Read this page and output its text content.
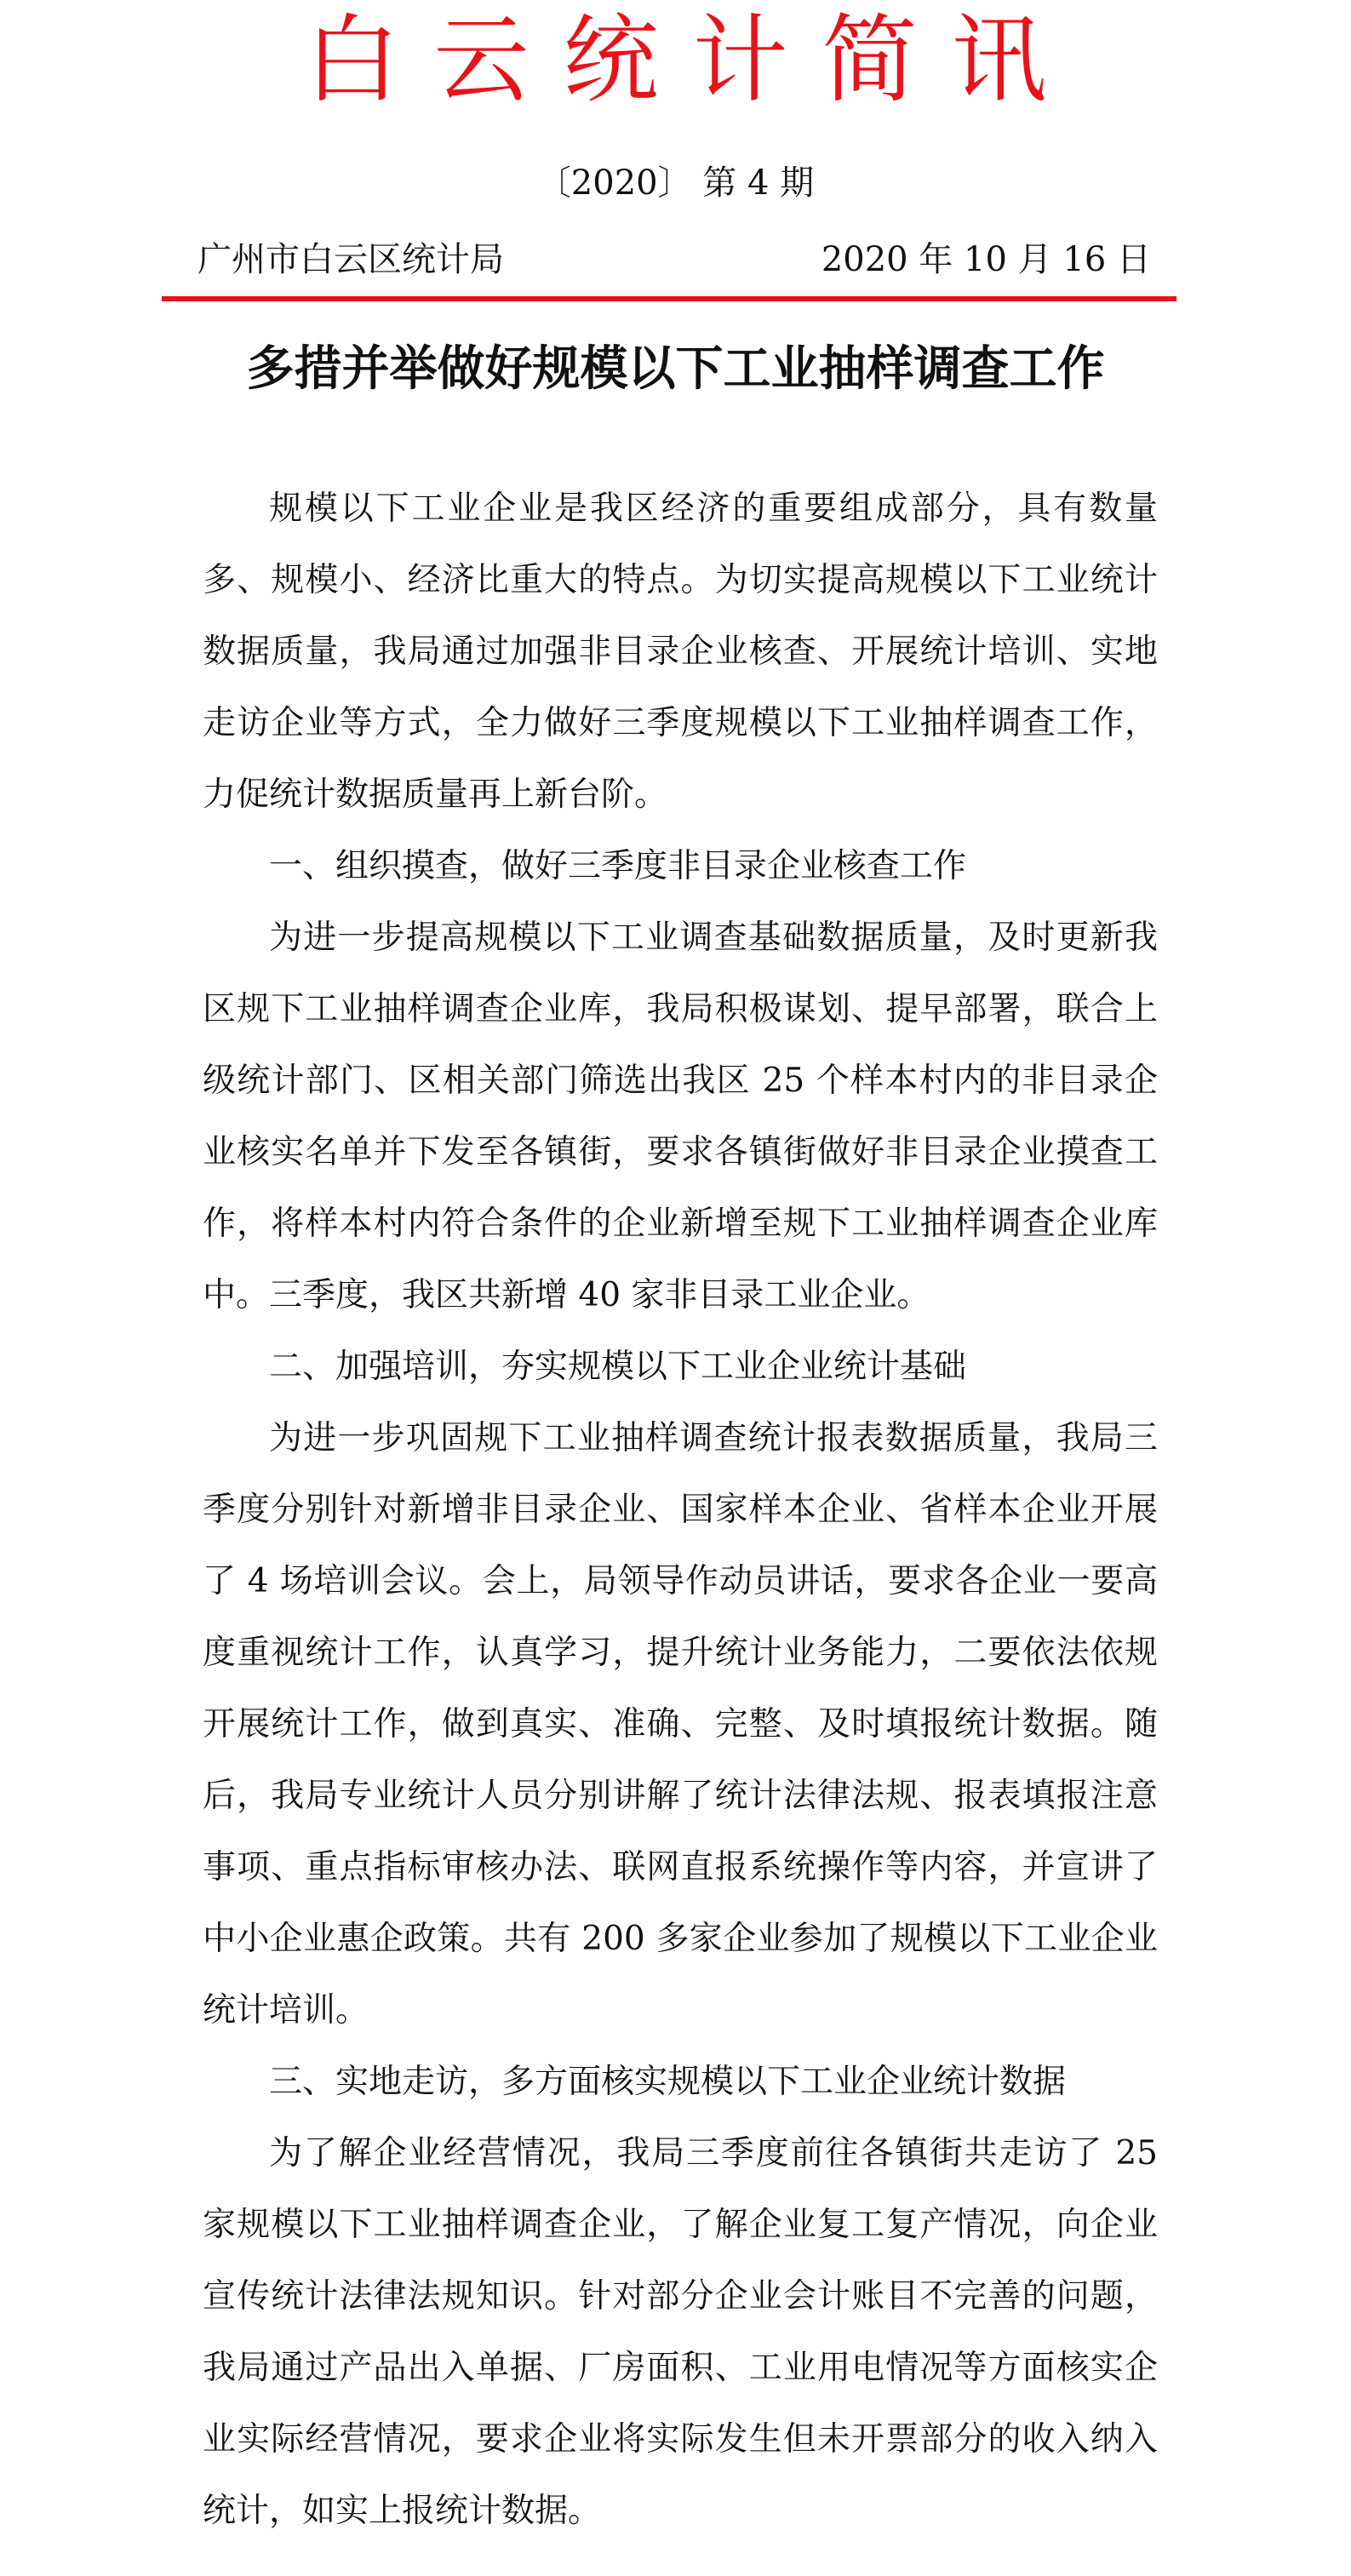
白云统计简讯
〔2020〕 第 4 期
广州市白云区统计局	2020 年 10 月 16 日
多措并举做好规模以下工业抽样调查工作

规模以下工业企业是我区经济的重要组成部分，具有数量多、规模小、经济比重大的特点。为切实提高规模以下工业统计数据质量，我局通过加强非目录企业核查、开展统计培训、实地走访企业等方式，全力做好三季度规模以下工业抽样调查工作，力促统计数据质量再上新台阶。

一、组织摸查，做好三季度非目录企业核查工作

为进一步提高规模以下工业调查基础数据质量，及时更新我区规下工业抽样调查企业库，我局积极谋划、提早部署，联合上级统计部门、区相关部门筛选出我区 25 个样本村内的非目录企业核实名单并下发至各镇街，要求各镇街做好非目录企业摸查工作，将样本村内符合条件的企业新增至规下工业抽样调查企业库中。三季度，我区共新增 40 家非目录工业企业。

二、加强培训，夯实规模以下工业企业统计基础

为进一步巩固规下工业抽样调查统计报表数据质量，我局三季度分别针对新增非目录企业、国家样本企业、省样本企业开展了 4 场培训会议。会上，局领导作动员讲话，要求各企业一要高度重视统计工作，认真学习，提升统计业务能力，二要依法依规开展统计工作，做到真实、准确、完整、及时填报统计数据。随后，我局专业统计人员分别讲解了统计法律法规、报表填报注意事项、重点指标审核办法、联网直报系统操作等内容，并宣讲了中小企业惠企政策。共有 200 多家企业参加了规模以下工业企业统计培训。

三、实地走访，多方面核实规模以下工业企业统计数据

为了解企业经营情况，我局三季度前往各镇街共走访了 25 家规模以下工业抽样调查企业，了解企业复工复产情况，向企业宣传统计法律法规知识。针对部分企业会计账目不完善的问题，我局通过产品出入单据、厂房面积、工业用电情况等方面核实企业实际经营情况，要求企业将实际发生但未开票部分的收入纳入统计，如实上报统计数据。
